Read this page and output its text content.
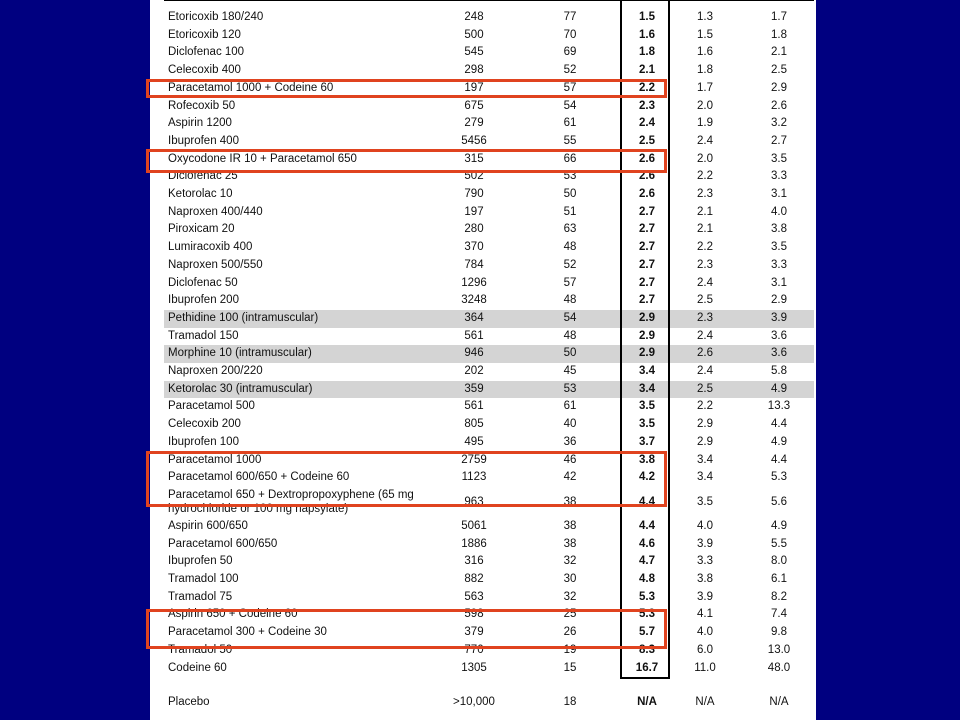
Etoricoxib 180/240	248	77	1.5	1.3	1.7
Etoricoxib 120	500	70	1.6	1.5	1.8
Diclofenac 100	545	69	1.8	1.6	2.1
Celecoxib 400	298	52	2.1	1.8	2.5
Paracetamol 1000 + Codeine 60	197	57	2.2	1.7	2.9
Rofecoxib 50	675	54	2.3	2.0	2.6
Aspirin 1200	279	61	2.4	1.9	3.2
Ibuprofen 400	5456	55	2.5	2.4	2.7
Oxycodone IR 10 + Paracetamol 650	315	66	2.6	2.0	3.5
Diclofenac 25	502	53	2.6	2.2	3.3
Ketorolac 10	790	50	2.6	2.3	3.1
Naproxen 400/440	197	51	2.7	2.1	4.0
Piroxicam 20	280	63	2.7	2.1	3.8
Lumiracoxib 400	370	48	2.7	2.2	3.5
Naproxen 500/550	784	52	2.7	2.3	3.3
Diclofenac 50	1296	57	2.7	2.4	3.1
Ibuprofen 200	3248	48	2.7	2.5	2.9
Pethidine 100 (intramuscular)	364	54	2.9	2.3	3.9
Tramadol 150	561	48	2.9	2.4	3.6
Morphine 10 (intramuscular)	946	50	2.9	2.6	3.6
Naproxen 200/220	202	45	3.4	2.4	5.8
Ketorolac 30 (intramuscular)	359	53	3.4	2.5	4.9
Paracetamol 500	561	61	3.5	2.2	13.3
Celecoxib 200	805	40	3.5	2.9	4.4
Ibuprofen 100	495	36	3.7	2.9	4.9
Paracetamol 1000	2759	46	3.8	3.4	4.4
Paracetamol 600/650 + Codeine 60	1123	42	4.2	3.4	5.3
Paracetamol 650 + Dextropropoxyphene (65 mg hydrochloride or 100 mg napsylate)
963	38	4.4	3.5	5.6
Aspirin 600/650	5061	38	4.4	4.0	4.9
Paracetamol 600/650	1886	38	4.6	3.9	5.5
Ibuprofen 50	316	32	4.7	3.3	8.0
Tramadol 100	882	30	4.8	3.8	6.1
Tramadol 75	563	32	5.3	3.9	8.2
Aspirin 650 + Codeine 60	598	25	5.3	4.1	7.4
Paracetamol 300 + Codeine 30	379	26	5.7	4.0	9.8
Tramadol 50	770	19	8.3	6.0	13.0
Codeine 60	1305	15	16.7	11.0	48.0
Placebo	>10,000	18	N/A	N/A	N/A
